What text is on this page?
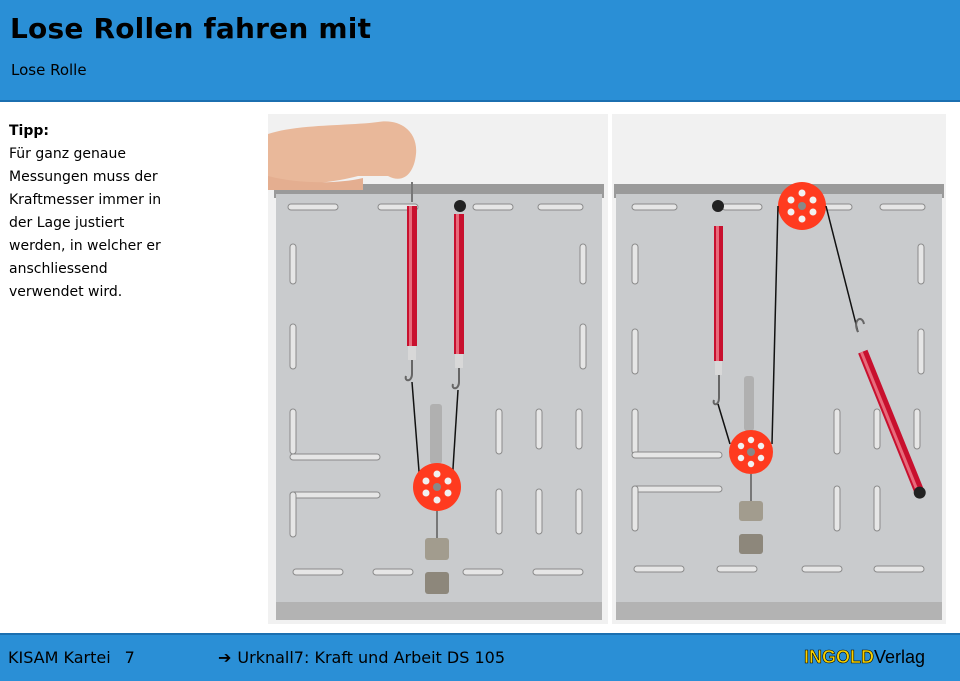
Lose Rollen fahren mit
Lose Rolle
Tipp:
Für ganz genaue
Messungen muss der
Kraftmesser immer in
der Lage justiert
werden, in welcher er
anschliessend
verwendet wird.
KISAM Kartei 7	➔ Urknall7: Kraft und Arbeit DS 105	INGOLDVerlag
